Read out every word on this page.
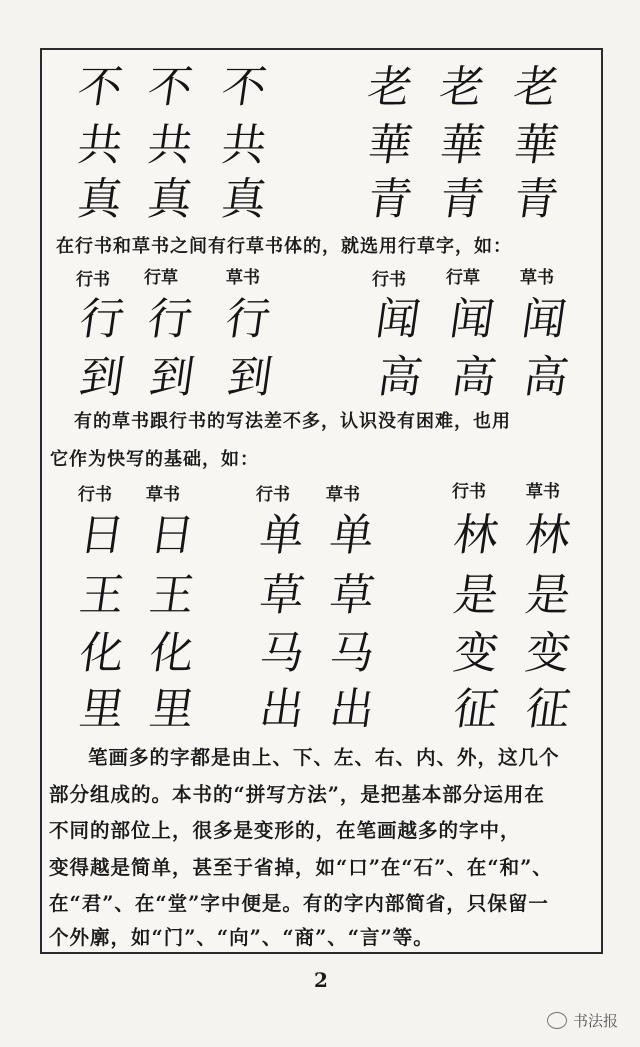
不 不 不 老 老 老
共 共 共 華 華 華
真 真 真 青 青 青
在行书和草书之间有行草书体的，就选用行草字，如：
行书 行草	草书	行书 行草 草书
行 行 行 闻 闻 闻
到 到 到 高 高 高
有的草书跟行书的写法差不多，认识没有困难，也用
它作为快写的基础，如：
行书 草书	行书 草书	行书 草书
日 日 单 单 林 林
王 王 草 草 是 是
化 化 马 马 变 变
里 里 出 出 征 征
笔画多的字都是由上、下、左、右、内、外，这几个
部分组成的。本书的“拼写方法”，是把基本部分运用在
不同的部位上，很多是变形的，在笔画越多的字中，
变得越是简单，甚至于省掉，如“口”在“石”、在“和”、
在“君”、在“堂”字中便是。有的字内部简省，只保留一
个外廓，如“门”、“向”、“商”、“言”等。
2
书法报
